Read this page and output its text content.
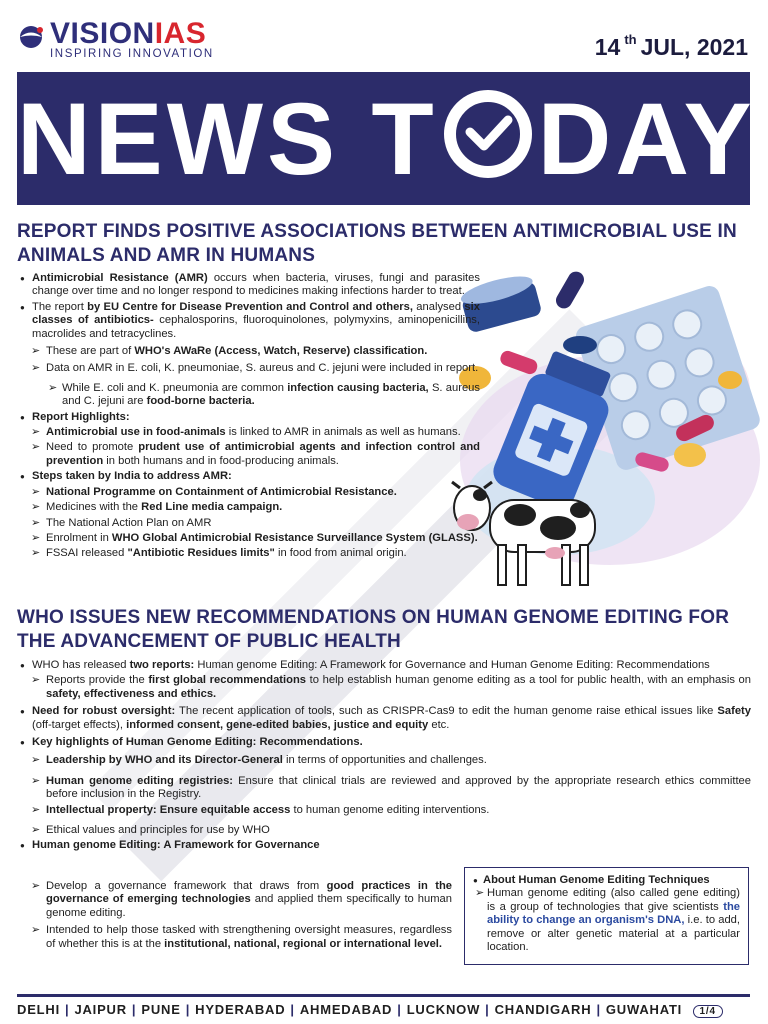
VISIONIAS
INSPIRING INNOVATION	14 th JUL, 2021
NEWS T DAY
REPORT FINDS POSITIVE ASSOCIATIONS BETWEEN ANTIMICROBIAL USE IN ANIMALS AND AMR IN HUMANS
● Antimicrobial Resistance (AMR) occurs when bacteria, viruses, fungi and parasites change over time and no longer respond to medicines making infections harder to treat.
● The report by EU Centre for Disease Prevention and Control and others, analysed six classes of antibiotics- cephalosporins, fluoroquinolones, polymyxins, aminopenicillins, macrolides and tetracyclines.
➢ These are part of WHO's AWaRe (Access, Watch, Reserve) classification.
➢ Data on AMR in E. coli, K. pneumoniae, S. aureus and C. jejuni were included in report.
➢ While E. coli and K. pneumonia are common infection causing bacteria, S. aureus and C. jejuni are food-borne bacteria.
● Report Highlights:
➢ Antimicrobial use in food-animals is linked to AMR in animals as well as humans.
➢ Need to promote prudent use of antimicrobial agents and infection control and prevention in both humans and in food-producing animals.
● Steps taken by India to address AMR:
➢ National Programme on Containment of Antimicrobial Resistance.
➢ Medicines with the Red Line media campaign.
➢ The National Action Plan on AMR
➢ Enrolment in WHO Global Antimicrobial Resistance Surveillance System (GLASS).
➢ FSSAI released "Antibiotic Residues limits" in food from animal origin.
WHO ISSUES NEW RECOMMENDATIONS ON HUMAN GENOME EDITING FOR THE ADVANCEMENT OF PUBLIC HEALTH
● WHO has released two reports: Human genome Editing: A Framework for Governance and Human Genome Editing: Recommendations
➢ Reports provide the first global recommendations to help establish human genome editing as a tool for public health, with an emphasis on safety, effectiveness and ethics.
● Need for robust oversight: The recent application of tools, such as CRISPR-Cas9 to edit the human genome raise ethical issues like Safety (off-target effects), informed consent, gene-edited babies, justice and equity etc.
● Key highlights of Human Genome Editing: Recommendations.
➢ Leadership by WHO and its Director-General in terms of opportunities and challenges.
➢ Human genome editing registries: Ensure that clinical trials are reviewed and approved by the appropriate research ethics committee before inclusion in the Registry.
➢ Intellectual property: Ensure equitable access to human genome editing interventions.
➢ Ethical values and principles for use by WHO
● Human genome Editing: A Framework for Governance
➢ Develop a governance framework that draws from good practices in the governance of emerging technologies and applied them specifically to human genome editing.
➢ Intended to help those tasked with strengthening oversight measures, regardless of whether this is at the institutional, national, regional or international level.
● About Human Genome Editing Techniques
➢ Human genome editing (also called gene editing) is a group of technologies that give scientists the ability to change an organism's DNA, i.e. to add, remove or alter genetic material at a particular location.
DELHI | JAIPUR | PUNE | HYDERABAD | AHMEDABAD | LUCKNOW | CHANDIGARH | GUWAHATI 1/4
